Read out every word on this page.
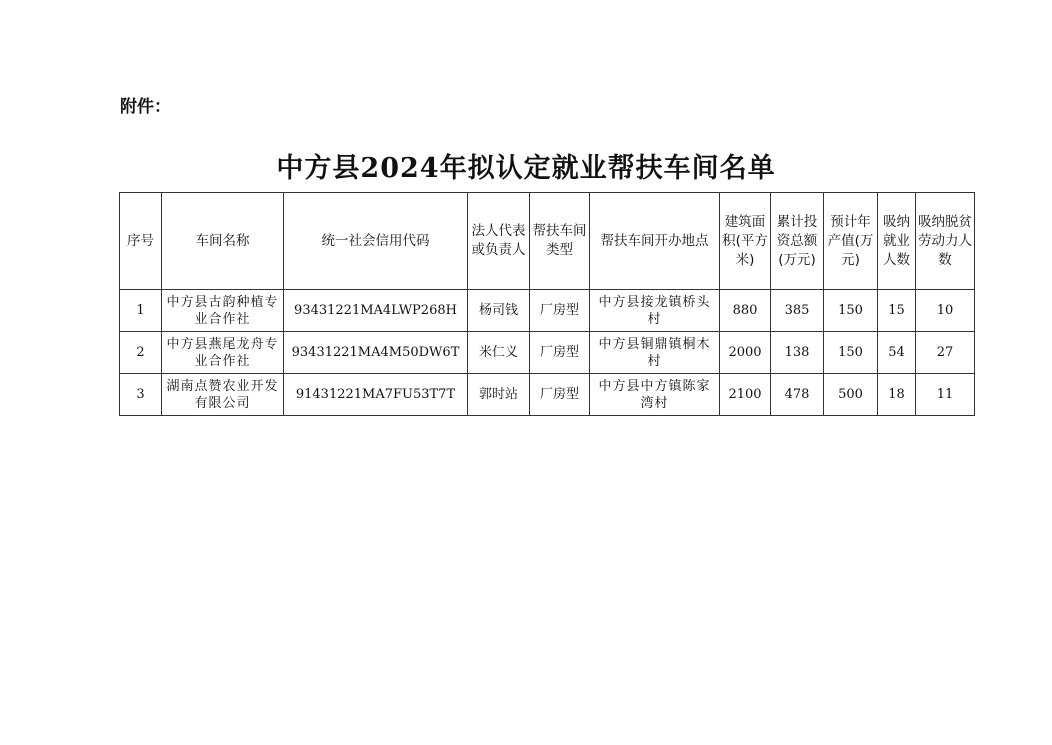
附件：
中方县2024年拟认定就业帮扶车间名单
序号	车间名称	统一社会信用代码	法人代表或负责人	帮扶车间类型	帮扶车间开办地点	建筑面积(平方米)	累计投资总额(万元)	预计年产值(万元)	吸纳就业人数	吸纳脱贫劳动力人数
1	中方县古韵种植专业合作社	93431221MA4LWP268H	杨司钱	厂房型	中方县接龙镇桥头村	880	385	150	15	10
2	中方县燕尾龙舟专业合作社	93431221MA4M50DW6T	米仁义	厂房型	中方县铜鼎镇桐木村	2000	138	150	54	27
3	湖南点赞农业开发有限公司	91431221MA7FU53T7T	郭时站	厂房型	中方县中方镇陈家湾村	2100	478	500	18	11
